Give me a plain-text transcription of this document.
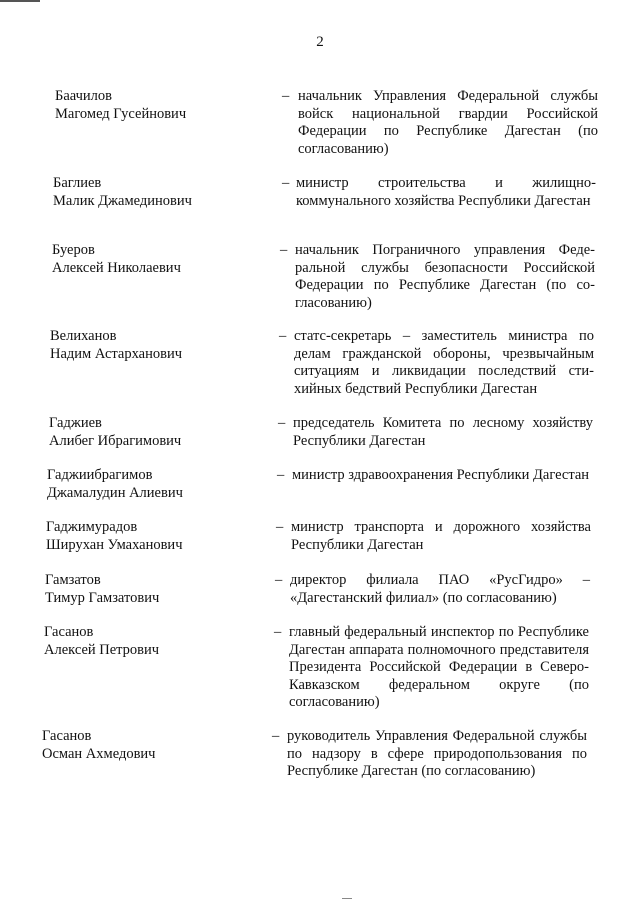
2
Баачилов
Магомед Гусейнович
– начальник Управления Федеральной службы войск национальной гвардии Российской Федерации по Республике Дагестан (по согласованию)
Баглиев
Малик Джамединович
– министр строительства и жилищно-коммунального хозяйства Республики Дагестан
Буеров
Алексей Николаевич
– начальник Пограничного управления Федеральной службы безопасности Российской Федерации по Республике Дагестан (по согласованию)
Велиханов
Надим Астарханович
– статс-секретарь – заместитель министра по делам гражданской обороны, чрезвычайным ситуациям и ликвидации последствий стихийных бедствий Республики Дагестан
Гаджиев
Алибег Ибрагимович
– председатель Комитета по лесному хозяйству Республики Дагестан
Гаджиибрагимов
Джамалудин Алиевич
– министр здравоохранения Республики Дагестан
Гаджимурадов
Ширухан Умаханович
– министр транспорта и дорожного хозяйства Республики Дагестан
Гамзатов
Тимур Гамзатович
– директор филиала ПАО «РусГидро» – «Дагестанский филиал» (по согласованию)
Гасанов
Алексей Петрович
– главный федеральный инспектор по Республике Дагестан аппарата полномочного представителя Президента Российской Федерации в Северо-Кавказском федеральном округе (по согласованию)
Гасанов
Осман Ахмедович
– руководитель Управления Федеральной службы по надзору в сфере природопользования по Республике Дагестан (по согласованию)
